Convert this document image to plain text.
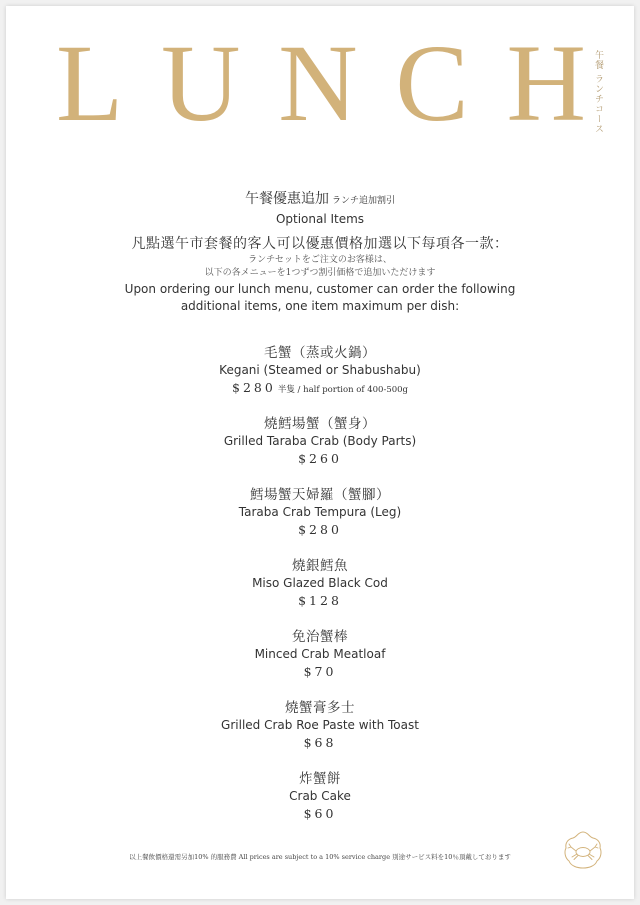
L U N C H 午餐 ランチコース
午餐優惠追加 ランチ追加割引
Optional Items
凡點選午市套餐的客人可以優惠價格加選以下每項各一款：
ランチセットをご注文のお客様は、
以下の各メニューを1つずつ割引価格で追加いただけます
Upon ordering our lunch menu, customer can order the following
additional items, one item maximum per dish:
毛蟹（蒸或火鍋）
Kegani (Steamed or Shabushabu)
$280 半隻 / half portion of 400-500g
燒鱈場蟹（蟹身）
Grilled Taraba Crab (Body Parts)
$260
鱈場蟹天婦羅（蟹腳）
Taraba Crab Tempura (Leg)
$280
燒銀鱈魚
Miso Glazed Black Cod
$128
免治蟹棒
Minced Crab Meatloaf
$70
燒蟹膏多士
Grilled Crab Roe Paste with Toast
$68
炸蟹餅
Crab Cake
$60
以上餐飲價格還需另加10% 的服務費 All prices are subject to a 10% service charge 別途サービス料を10％頂戴しております
